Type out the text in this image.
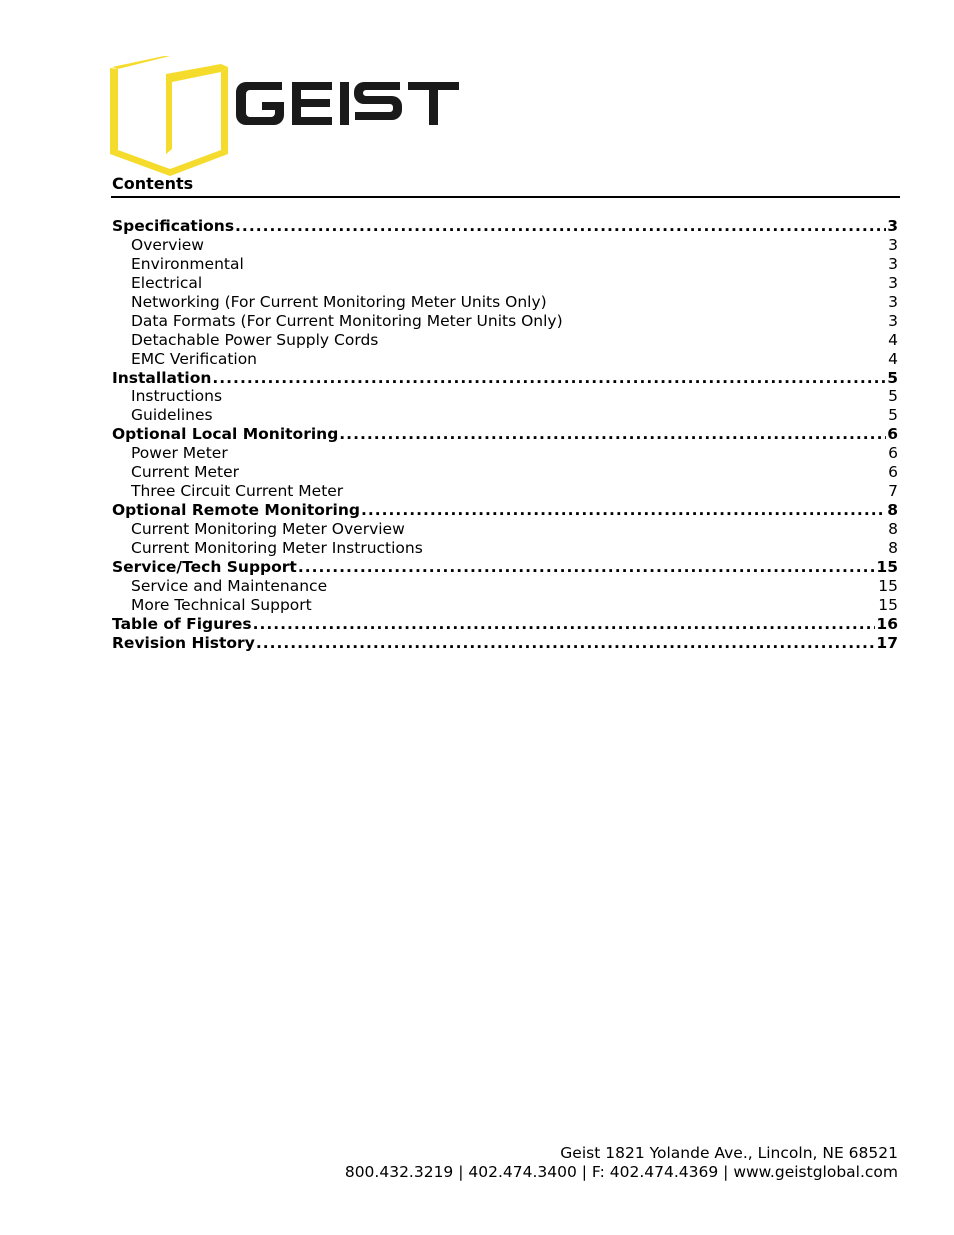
Contents
Specifications .....	3
Overview	3
Environmental	3
Electrical	3
Networking (For Current Monitoring Meter Units Only)	3
Data Formats (For Current Monitoring Meter Units Only)	3
Detachable Power Supply Cords	4
EMC Verification	4
Installation .....	5
Instructions	5
Guidelines	5
Optional Local Monitoring .....	6
Power Meter	6
Current Meter	6
Three Circuit Current Meter	7
Optional Remote Monitoring .....	8
Current Monitoring Meter Overview	8
Current Monitoring Meter Instructions	8
Service/Tech Support .....	15
Service and Maintenance	15
More Technical Support	15
Table of Figures .....	16
Revision History .....	17
Geist 1821 Yolande Ave., Lincoln, NE 68521
800.432.3219 | 402.474.3400 | F: 402.474.4369 | www.geistglobal.com
